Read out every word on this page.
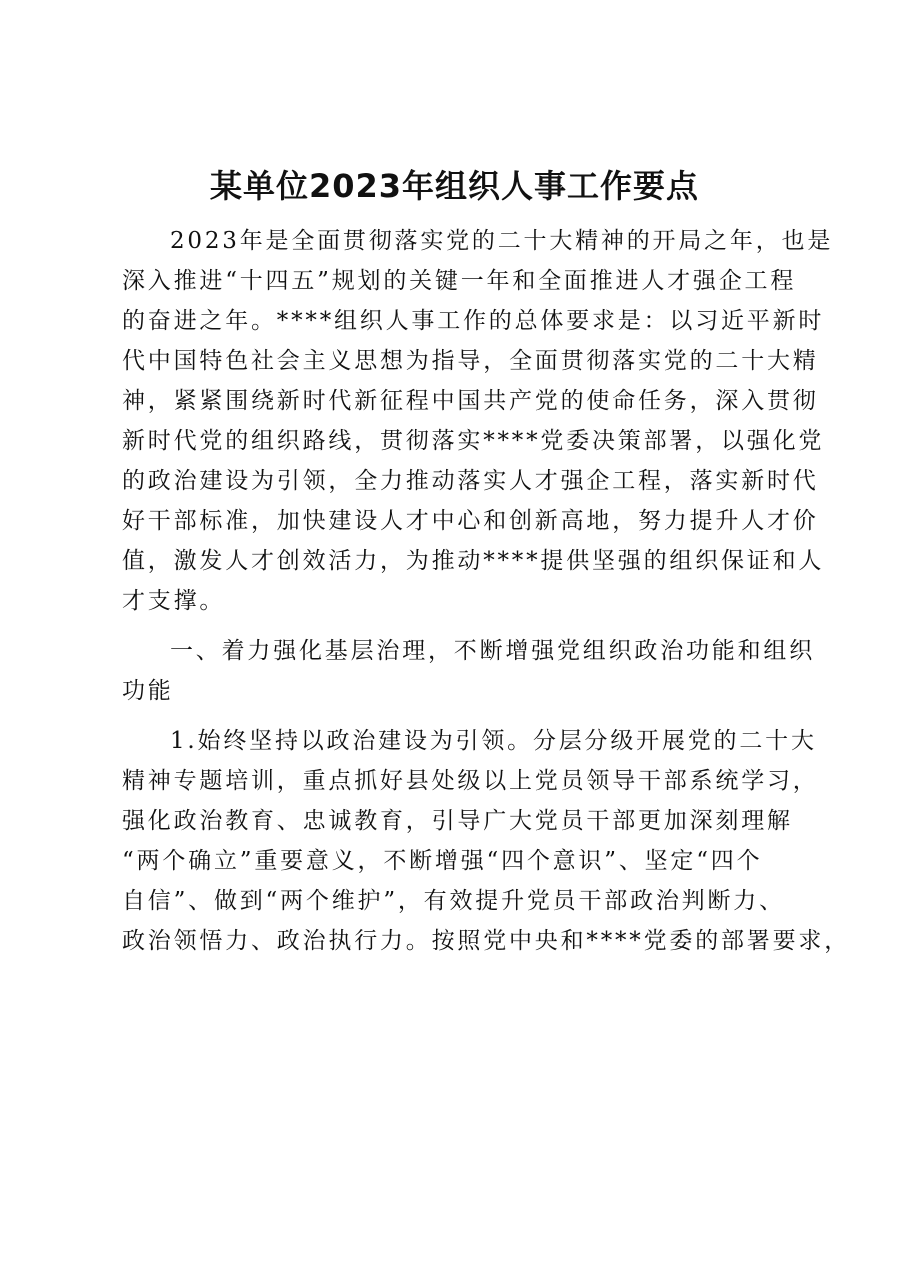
某单位2023年组织人事工作要点

2023年是全面贯彻落实党的二十大精神的开局之年，也是
深入推进“十四五”规划的关键一年和全面推进人才强企工程
的奋进之年。****组织人事工作的总体要求是：以习近平新时
代中国特色社会主义思想为指导，全面贯彻落实党的二十大精
神，紧紧围绕新时代新征程中国共产党的使命任务，深入贯彻
新时代党的组织路线，贯彻落实****党委决策部署，以强化党
的政治建设为引领，全力推动落实人才强企工程，落实新时代
好干部标准，加快建设人才中心和创新高地，努力提升人才价
值，激发人才创效活力，为推动****提供坚强的组织保证和人
才支撑。

一、着力强化基层治理，不断增强党组织政治功能和组织
功能

1.始终坚持以政治建设为引领。分层分级开展党的二十大
精神专题培训，重点抓好县处级以上党员领导干部系统学习，
强化政治教育、忠诚教育，引导广大党员干部更加深刻理解
“两个确立”重要意义，不断增强“四个意识”、坚定“四个
自信”、做到“两个维护”，有效提升党员干部政治判断力、
政治领悟力、政治执行力。按照党中央和****党委的部署要求，
